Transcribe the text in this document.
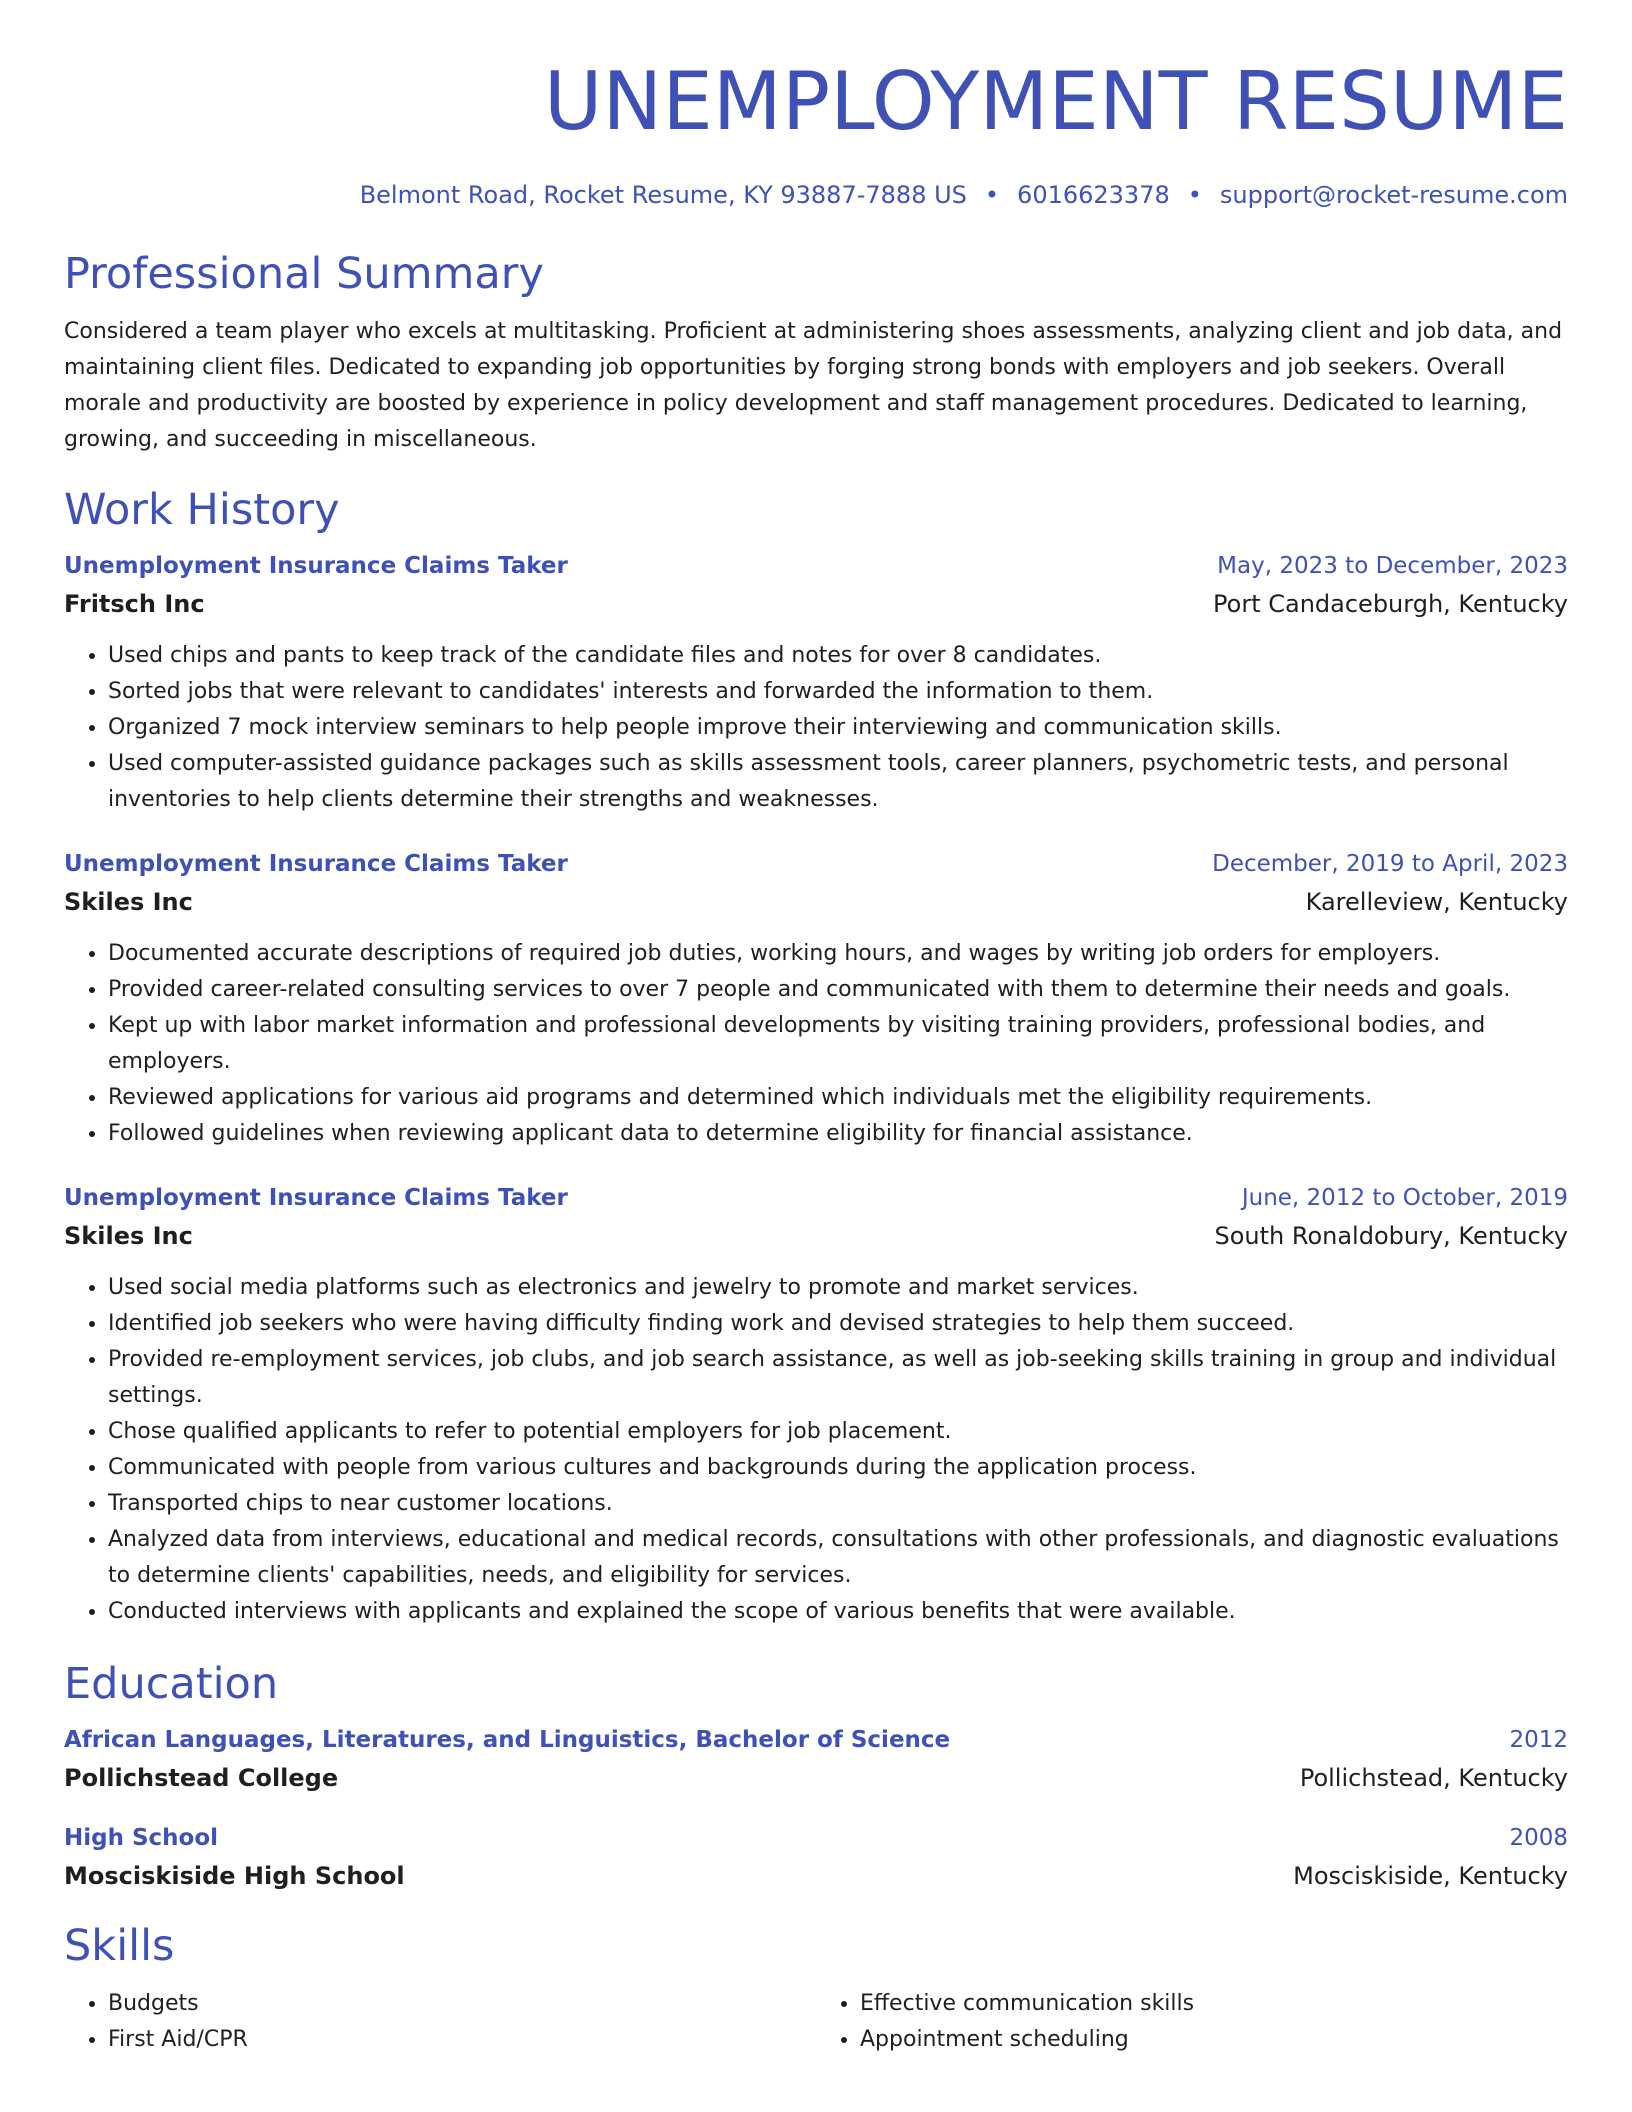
UNEMPLOYMENT RESUME
Belmont Road, Rocket Resume, KY 93887-7888 US • 6016623378 • support@rocket-resume.com
Professional Summary
Considered a team player who excels at multitasking. Proficient at administering shoes assessments, analyzing client and job data, and maintaining client files. Dedicated to expanding job opportunities by forging strong bonds with employers and job seekers. Overall morale and productivity are boosted by experience in policy development and staff management procedures. Dedicated to learning, growing, and succeeding in miscellaneous.
Work History
Unemployment Insurance Claims Taker	May, 2023 to December, 2023
Fritsch Inc	Port Candaceburgh, Kentucky
• Used chips and pants to keep track of the candidate files and notes for over 8 candidates.
• Sorted jobs that were relevant to candidates' interests and forwarded the information to them.
• Organized 7 mock interview seminars to help people improve their interviewing and communication skills.
• Used computer-assisted guidance packages such as skills assessment tools, career planners, psychometric tests, and personal inventories to help clients determine their strengths and weaknesses.
Unemployment Insurance Claims Taker	December, 2019 to April, 2023
Skiles Inc	Karelleview, Kentucky
• Documented accurate descriptions of required job duties, working hours, and wages by writing job orders for employers.
• Provided career-related consulting services to over 7 people and communicated with them to determine their needs and goals.
• Kept up with labor market information and professional developments by visiting training providers, professional bodies, and employers.
• Reviewed applications for various aid programs and determined which individuals met the eligibility requirements.
• Followed guidelines when reviewing applicant data to determine eligibility for financial assistance.
Unemployment Insurance Claims Taker	June, 2012 to October, 2019
Skiles Inc	South Ronaldobury, Kentucky
• Used social media platforms such as electronics and jewelry to promote and market services.
• Identified job seekers who were having difficulty finding work and devised strategies to help them succeed.
• Provided re-employment services, job clubs, and job search assistance, as well as job-seeking skills training in group and individual settings.
• Chose qualified applicants to refer to potential employers for job placement.
• Communicated with people from various cultures and backgrounds during the application process.
• Transported chips to near customer locations.
• Analyzed data from interviews, educational and medical records, consultations with other professionals, and diagnostic evaluations to determine clients' capabilities, needs, and eligibility for services.
• Conducted interviews with applicants and explained the scope of various benefits that were available.
Education
African Languages, Literatures, and Linguistics, Bachelor of Science	2012
Pollichstead College	Pollichstead, Kentucky
High School	2008
Mosciskiside High School	Mosciskiside, Kentucky
Skills
• Budgets
• First Aid/CPR
• Effective communication skills
• Appointment scheduling
